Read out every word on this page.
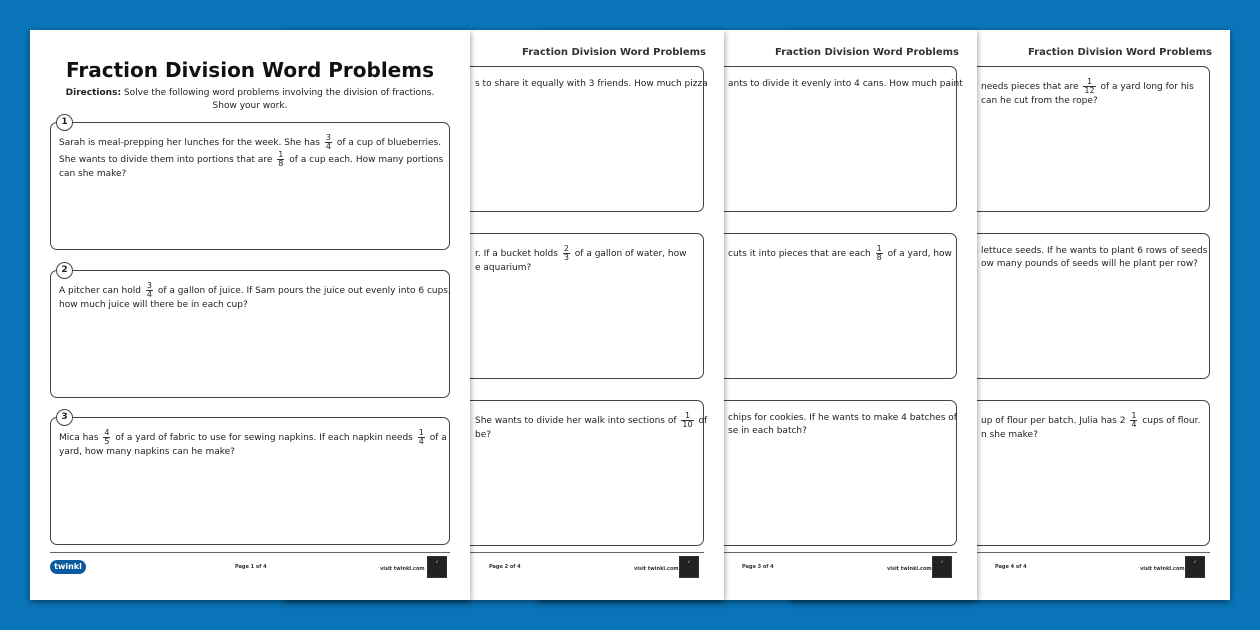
Fraction Division Word Problems
needs pieces that are $\frac{1}{12}$ of a yard long for his
can he cut from the rope?
lettuce seeds. If he wants to plant 6 rows of seeds
ow many pounds of seeds will he plant per row?
up of flour per batch. Julia has $2 \frac{1}{4}$ cups of flour.
n she make?
Page 4 of 4	visit twinkl.com
✓
Fraction Division Word Problems
ants to divide it evenly into 4 cans. How much paint
cuts it into pieces that are each $\frac{1}{8}$ of a yard, how
chips for cookies. If he wants to make 4 batches of
se in each batch?
Page 3 of 4	visit twinkl.com
✓
Fraction Division Word Problems
s to share it equally with 3 friends. How much pizza
r. If a bucket holds $\frac{2}{3}$ of a gallon of water, how
e aquarium?
She wants to divide her walk into sections of $\frac{1}{10}$ of
be?
Page 2 of 4	visit twinkl.com
✓
Fraction Division Word Problems
Directions: Solve the following word problems involving the division of fractions.
Show your work.
1
Sarah is meal-prepping her lunches for the week. She has $\frac{3}{4}$ of a cup of blueberries.
She wants to divide them into portions that are $\frac{1}{8}$ of a cup each. How many portions
can she make?
2
A pitcher can hold $\frac{3}{4}$ of a gallon of juice. If Sam pours the juice out evenly into 6 cups,
how much juice will there be in each cup?
3
Mica has $\frac{4}{5}$ of a yard of fabric to use for sewing napkins. If each napkin needs $\frac{1}{4}$ of a
yard, how many napkins can he make?
twinkl	Page 1 of 4	visit twinkl.com
✓
